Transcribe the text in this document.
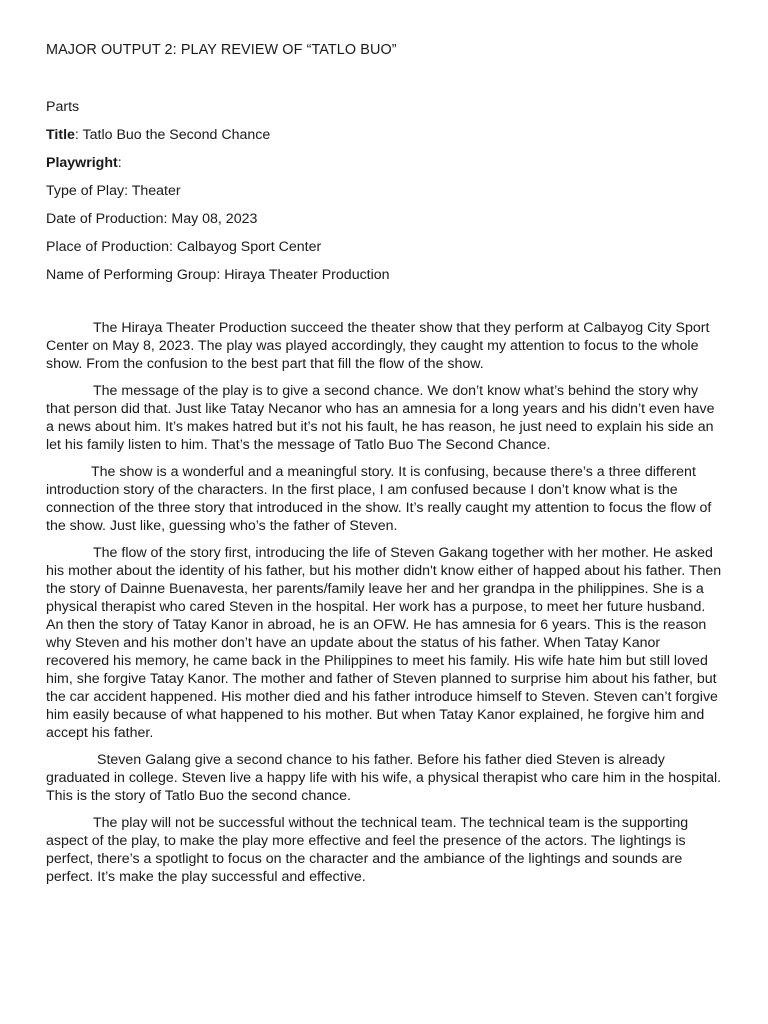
MAJOR OUTPUT 2: PLAY REVIEW OF “TATLO BUO”
Parts
Title: Tatlo Buo the Second Chance
Playwright:
Type of Play: Theater
Date of Production: May 08, 2023
Place of Production: Calbayog Sport Center
Name of Performing Group: Hiraya Theater Production

The Hiraya Theater Production succeed the theater show that they perform at Calbayog City Sport Center on May 8, 2023. The play was played accordingly, they caught my attention to focus to the whole show. From the confusion to the best part that fill the flow of the show.

The message of the play is to give a second chance. We don’t know what’s behind the story why that person did that. Just like Tatay Necanor who has an amnesia for a long years and his didn’t even have a news about him. It’s makes hatred but it’s not his fault, he has reason, he just need to explain his side an let his family listen to him. That’s the message of Tatlo Buo The Second Chance.

The show is a wonderful and a meaningful story. It is confusing, because there’s a three different introduction story of the characters. In the first place, I am confused because I don’t know what is the connection of the three story that introduced in the show. It’s really caught my attention to focus the flow of the show. Just like, guessing who’s the father of Steven.

The flow of the story first, introducing the life of Steven Gakang together with her mother. He asked his mother about the identity of his father, but his mother didn't know either of happed about his father. Then the story of Dainne Buenavesta, her parents/family leave her and her grandpa in the philippines. She is a physical therapist who cared Steven in the hospital. Her work has a purpose, to meet her future husband. An then the story of Tatay Kanor in abroad, he is an OFW. He has amnesia for 6 years. This is the reason why Steven and his mother don’t have an update about the status of his father. When Tatay Kanor recovered his memory, he came back in the Philippines to meet his family. His wife hate him but still loved him, she forgive Tatay Kanor. The mother and father of Steven planned to surprise him about his father, but the car accident happened. His mother died and his father introduce himself to Steven. Steven can’t forgive him easily because of what happened to his mother. But when Tatay Kanor explained, he forgive him and accept his father.

Steven Galang give a second chance to his father. Before his father died Steven is already graduated in college. Steven live a happy life with his wife, a physical therapist who care him in the hospital. This is the story of Tatlo Buo the second chance.

The play will not be successful without the technical team. The technical team is the supporting aspect of the play, to make the play more effective and feel the presence of the actors. The lightings is perfect, there’s a spotlight to focus on the character and the ambiance of the lightings and sounds are perfect. It’s make the play successful and effective.
